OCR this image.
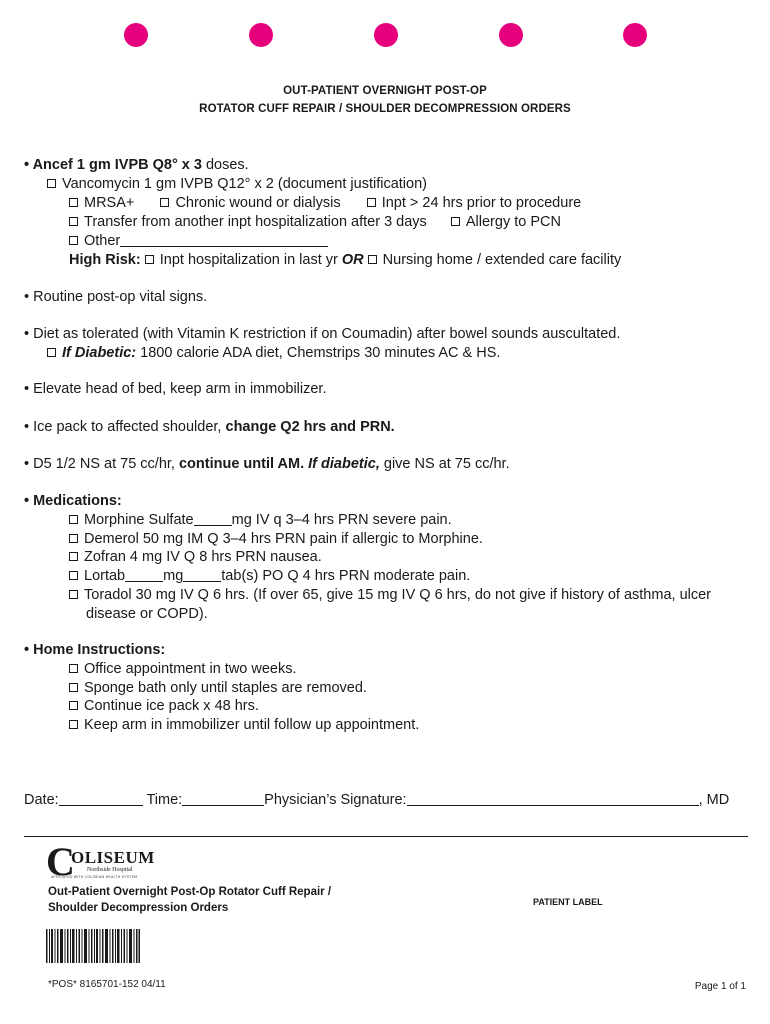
OUT-PATIENT OVERNIGHT POST-OP
ROTATOR CUFF REPAIR / SHOULDER DECOMPRESSION ORDERS
• Ancef 1 gm IVPB Q8° x 3 doses.
Vancomycin 1 gm IVPB Q12° x 2 (document justification)
MRSA+	Chronic wound or dialysis	Inpt > 24 hrs prior to procedure
Transfer from another inpt hospitalization after 3 days	Allergy to PCN
Other
High Risk: Inpt hospitalization in last yr OR Nursing home / extended care facility
• Routine post-op vital signs.
• Diet as tolerated (with Vitamin K restriction if on Coumadin) after bowel sounds auscultated.
If Diabetic: 1800 calorie ADA diet, Chemstrips 30 minutes AC & HS.
• Elevate head of bed, keep arm in immobilizer.
• Ice pack to affected shoulder, change Q2 hrs and PRN.
• D5 1/2 NS at 75 cc/hr, continue until AM. If diabetic, give NS at 75 cc/hr.
• Medications:
Morphine Sulfate	mg IV q 3–4 hrs PRN severe pain.
Demerol 50 mg IM Q 3–4 hrs PRN pain if allergic to Morphine.
Zofran 4 mg IV Q 8 hrs PRN nausea.
Lortab	mg	tab(s) PO Q 4 hrs PRN moderate pain.
Toradol 30 mg IV Q 6 hrs. (If over 65, give 15 mg IV Q 6 hrs, do not give if history of asthma, ulcer
disease or COPD).
• Home Instructions:
Office appointment in two weeks.
Sponge bath only until staples are removed.
Continue ice pack x 48 hrs.
Keep arm in immobilizer until follow up appointment.
Date:	Time:	Physician’s Signature:	, MD
C
OLISEUM
Northside Hospital
AFFILIATED WITH COLISEUM HEALTH SYSTEM
Out-Patient Overnight Post-Op Rotator Cuff Repair /
Shoulder Decompression Orders	PATIENT LABEL
*POS* 8165701-152 04/11	Page 1 of 1
